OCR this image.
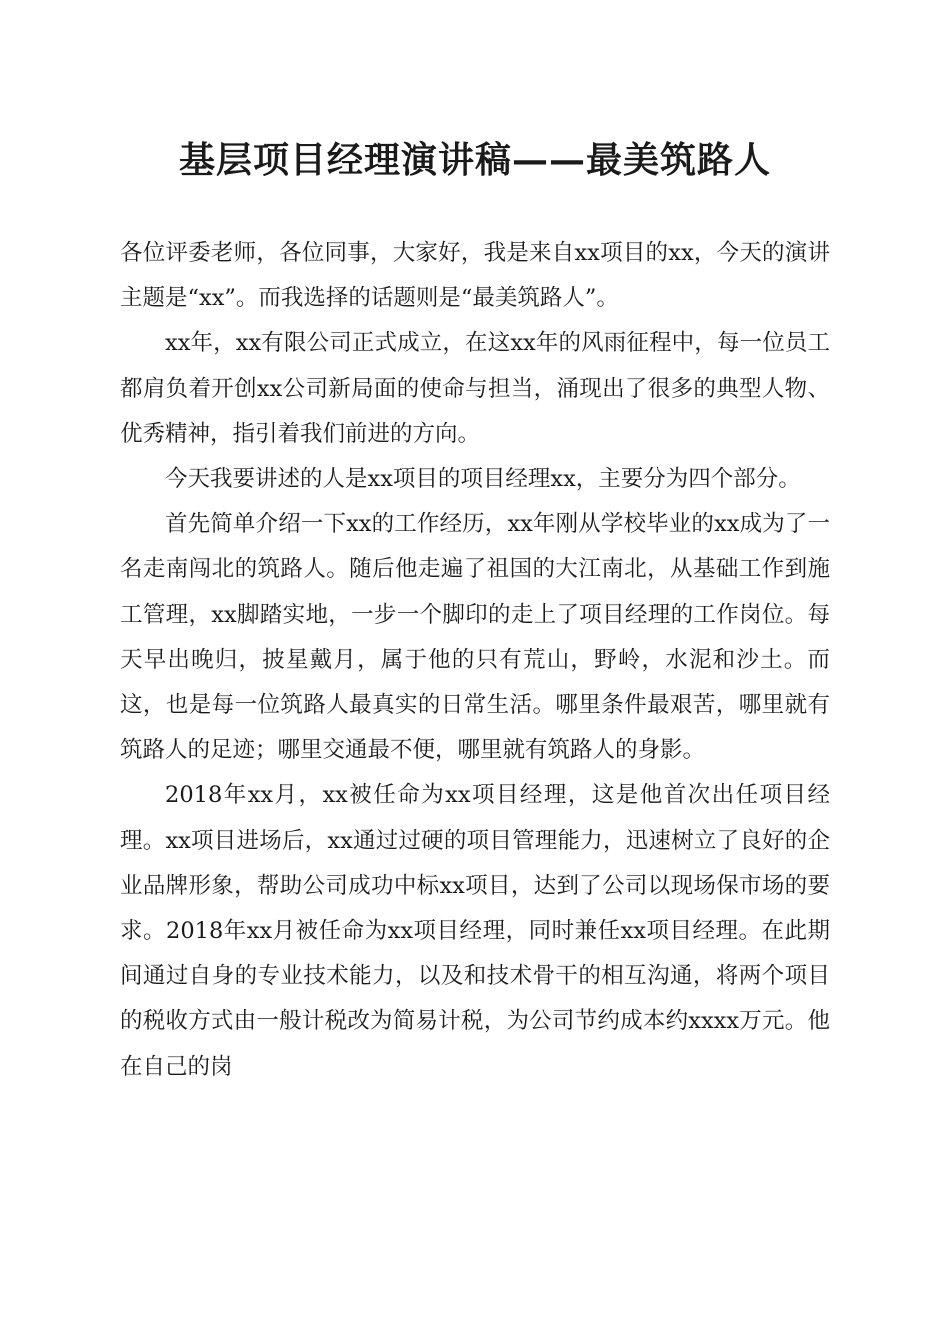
基层项目经理演讲稿——最美筑路人

各位评委老师，各位同事，大家好，我是来自xx项目的xx，今天的演讲主题是“xx”。而我选择的话题则是“最美筑路人”。

xx年，xx有限公司正式成立，在这xx年的风雨征程中，每一位员工都肩负着开创xx公司新局面的使命与担当，涌现出了很多的典型人物、优秀精神，指引着我们前进的方向。

今天我要讲述的人是xx项目的项目经理xx，主要分为四个部分。

首先简单介绍一下xx的工作经历，xx年刚从学校毕业的xx成为了一名走南闯北的筑路人。随后他走遍了祖国的大江南北，从基础工作到施工管理，xx脚踏实地，一步一个脚印的走上了项目经理的工作岗位。每天早出晚归，披星戴月，属于他的只有荒山，野岭，水泥和沙土。而这，也是每一位筑路人最真实的日常生活。哪里条件最艰苦，哪里就有筑路人的足迹；哪里交通最不便，哪里就有筑路人的身影。

2018年xx月，xx被任命为xx项目经理，这是他首次出任项目经理。xx项目进场后，xx通过过硬的项目管理能力，迅速树立了良好的企业品牌形象，帮助公司成功中标xx项目，达到了公司以现场保市场的要求。2018年xx月被任命为xx项目经理，同时兼任xx项目经理。在此期间通过自身的专业技术能力，以及和技术骨干的相互沟通，将两个项目的税收方式由一般计税改为简易计税，为公司节约成本约xxxx万元。他在自己的岗
